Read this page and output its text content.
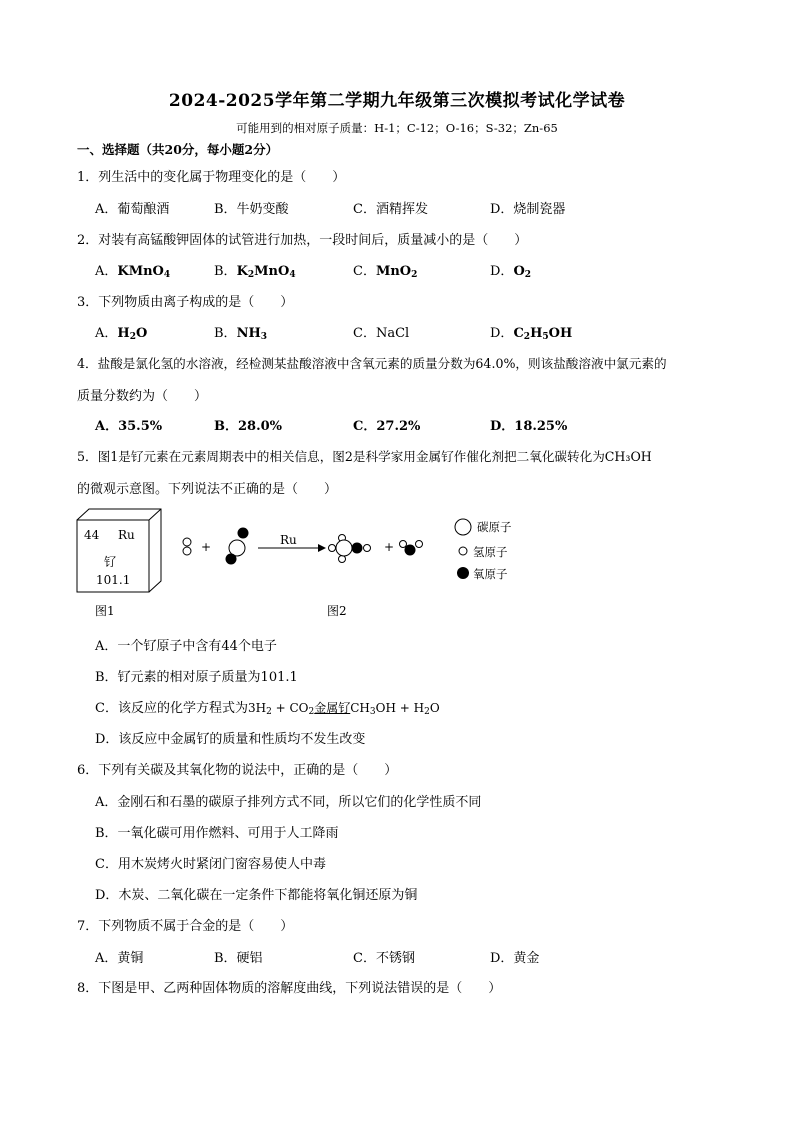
2024-2025学年第二学期九年级第三次模拟考试化学试卷
可能用到的相对原子质量：H-1；C-12；O-16；S-32；Zn-65
一、选择题（共20分，每小题2分）
1．列生活中的变化属于物理变化的是（　　）
A．葡萄酿酒	B．牛奶变酸	C．酒精挥发	D．烧制瓷器
2．对装有高锰酸钾固体的试管进行加热，一段时间后，质量减小的是（　　）
A．KMnO$_4$	B．$K_2MnO_4$	C．MnO$_2$	D．$O_2$
3．下列物质由离子构成的是（　　）
A．$H_2O$	B．$NH_3$	C．NaCl	D．$C_2H_5OH$
4．盐酸是氯化氢的水溶液，经检测某盐酸溶液中含氧元素的质量分数为64.0%，则该盐酸溶液中氯元素的
质量分数约为（　　）
A．35.5%	B．28.0%	C．27.2%	D．18.25%
5．图1是钌元素在元素周期表中的相关信息，图2是科学家用金属钌作催化剂把二氧化碳转化为CH₃OH
的微观示意图。下列说法不正确的是（　　）
44 Ru
钌
101.1
图1
+	Ru	+
图2
碳原子
氢原子
氧原子
A．一个钌原子中含有44个电子
B．钌元素的相对原子质量为101.1
C．该反应的化学方程式为$3H_2 + CO_2$金属钌$CH_3OH + H_2O$
D．该反应中金属钌的质量和性质均不发生改变
6．下列有关碳及其氧化物的说法中，正确的是（　　）
A．金刚石和石墨的碳原子排列方式不同，所以它们的化学性质不同
B．一氧化碳可用作燃料、可用于人工降雨
C．用木炭烤火时紧闭门窗容易使人中毒
D．木炭、二氧化碳在一定条件下都能将氧化铜还原为铜
7．下列物质不属于合金的是（　　）
A．黄铜	B．硬铝	C．不锈钢	D．黄金
8．下图是甲、乙两种固体物质的溶解度曲线，下列说法错误的是（　　）
